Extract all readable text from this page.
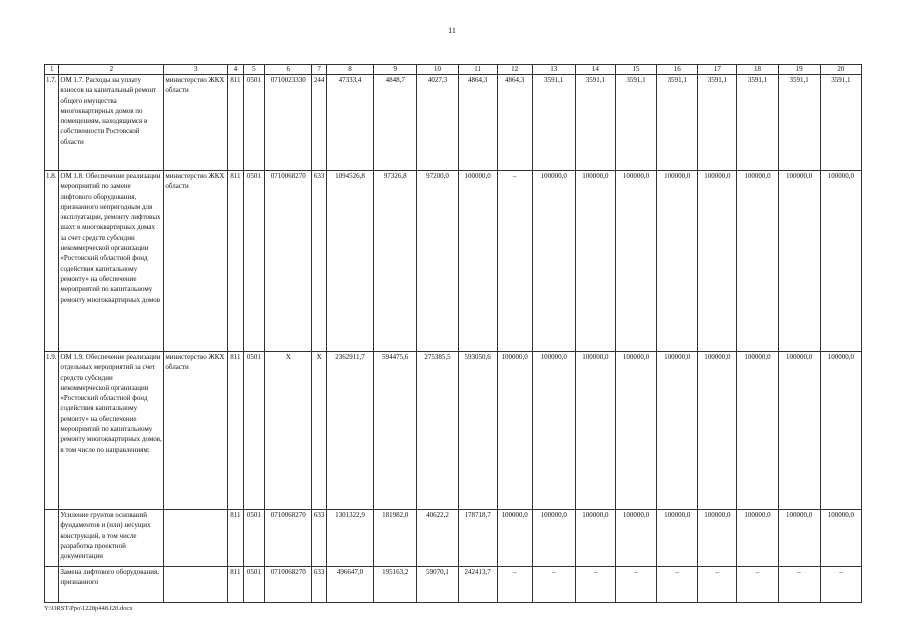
11
1	2	3	4	5	6	7	8	9	10	11	12	13	14	15	16	17	18	19	20
1.7.	ОМ 1.7. Расходы на уплату взносов на капитальный ремонт общего имущества многоквартирных домов по помещениям, находящимся в собственности Ростовской области	министерство ЖКХ области	811	0501	0710023330	244	47333,4	4848,7	4027,3	4864,3	4864,3	3591,1	3591,1	3591,1	3591,1	3591,1	3591,1	3591,1	3591,1
1.8.	ОМ 1.8. Обеспечение реализации мероприятий по замене лифтового оборудования, признанного непригодным для эксплуатации, ремонту лифтовых шахт в многоквартирных домах за счет средств субсидии некоммерческой организации «Ростовский областной фонд содействия капитальному ремонту» на обеспечение мероприятий по капитальному ремонту многоквартирных домов	министерство ЖКХ области	811	0501	0710068270	633	1094526,8	97326,8	97200,0	100000,0	–	100000,0	100000,0	100000,0	100000,0	100000,0	100000,0	100000,0	100000,0
1.9.	ОМ 1.9. Обеспечение реализации отдельных мероприятий за счет средств субсидии некоммерческой организации «Ростовский областной фонд содействия капитальному ремонту» на обеспечение мероприятий по капитальному ремонту многоквартирных домов, в том числе по направлениям:	министерство ЖКХ области	811	0501	Х	Х	2362911,7	594475,6	275385,5	593050,6	100000,0	100000,0	100000,0	100000,0	100000,0	100000,0	100000,0	100000,0	100000,0
	Усиление грунтов оснований фундаментов и (или) несущих конструкций, в том числе разработка проектной документации		811	0501	0710068270	633	1301322,9	181982,0	40622,2	178718,7	100000,0	100000,0	100000,0	100000,0	100000,0	100000,0	100000,0	100000,0	100000,0
	Замена лифтового оборудования, признанного		811	0501	0710068270	633	496647,0	195163,2	59070,1	242413,7	–	–	–	–	–	–	–	–	–
Y:\ORST\Ppo\1228p448.f20.docx
